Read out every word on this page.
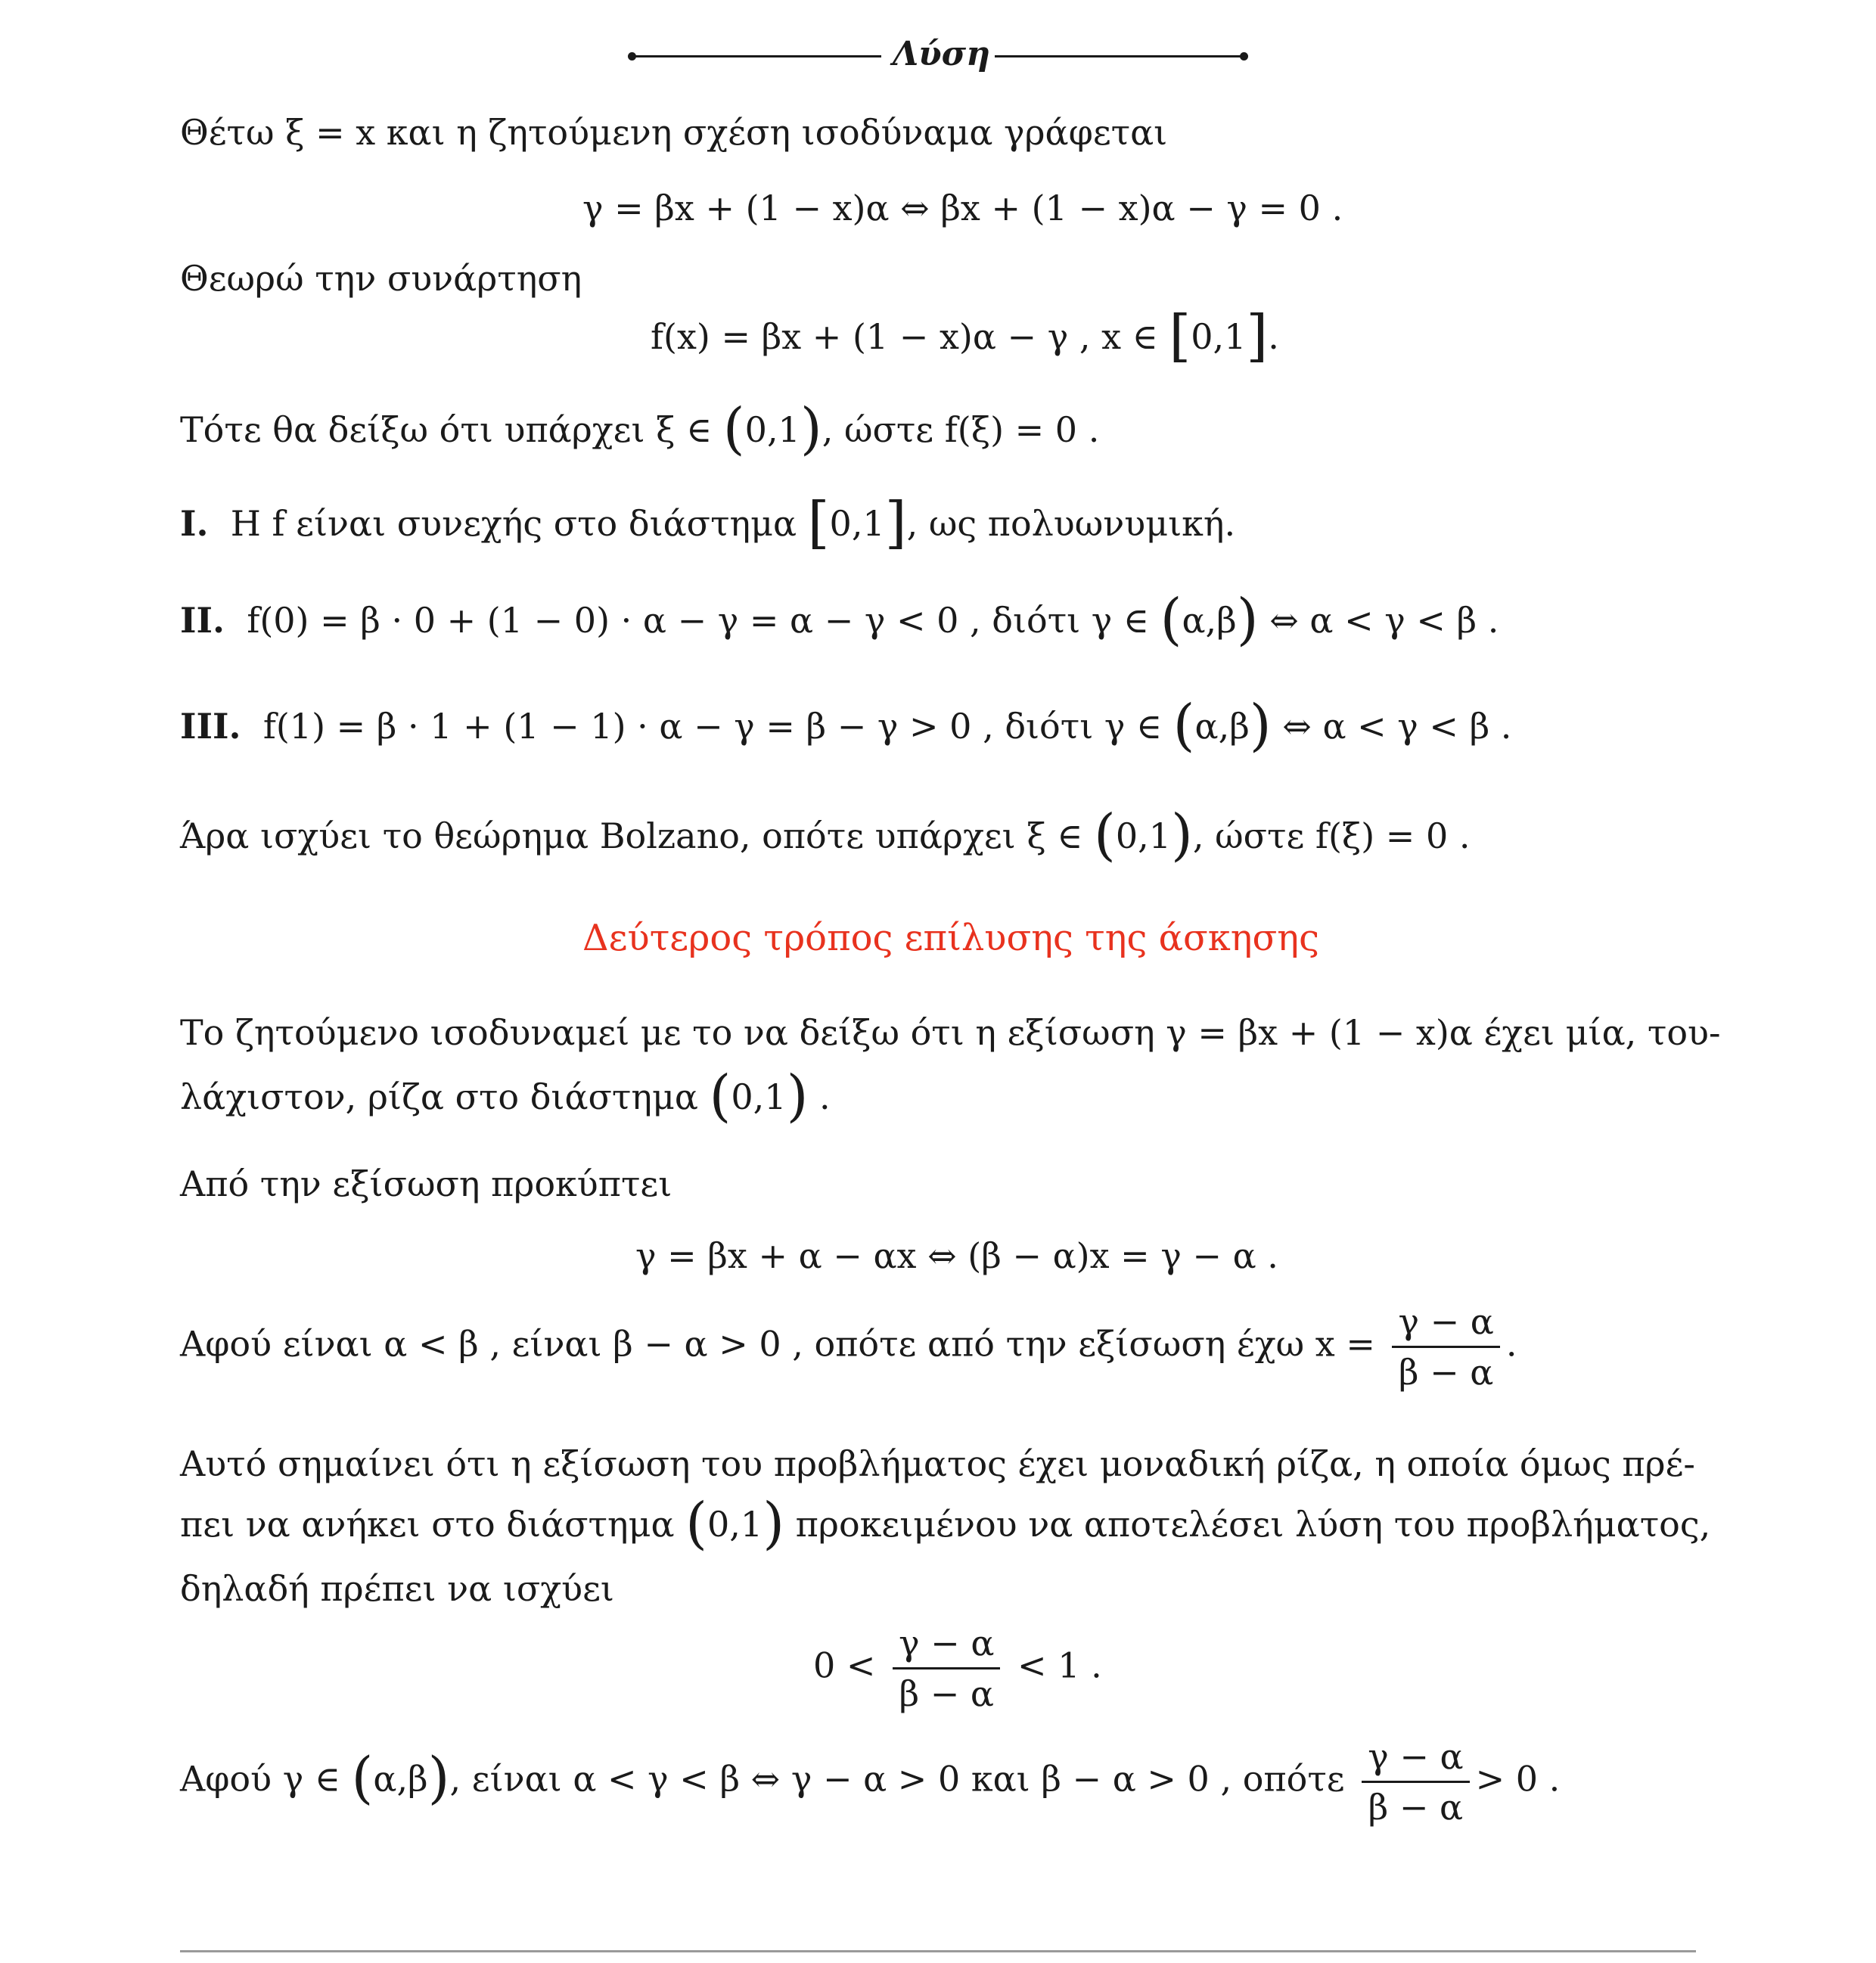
Λύση
Θέτω ξ = x και η ζητούμενη σχέση ισοδύναμα γράφεται
γ = βx + (1 − x)α ⇔ βx + (1 − x)α − γ = 0 .
Θεωρώ την συνάρτηση
f(x) = βx + (1 − x)α − γ , x ∈ [0,1].
Τότε θα δείξω ότι υπάρχει ξ ∈ (0,1), ώστε f(ξ) = 0 .
I. Η f είναι συνεχής στο διάστημα [0,1], ως πολυωνυμική.
II. f(0) = β · 0 + (1 − 0) · α − γ = α − γ < 0 , διότι γ ∈ (α,β) ⇔ α < γ < β .
III. f(1) = β · 1 + (1 − 1) · α − γ = β − γ > 0 , διότι γ ∈ (α,β) ⇔ α < γ < β .
Άρα ισχύει το θεώρημα Bolzano, οπότε υπάρχει ξ ∈ (0,1), ώστε f(ξ) = 0 .
Δεύτερος τρόπος επίλυσης της άσκησης
Το ζητούμενο ισοδυναμεί με το να δείξω ότι η εξίσωση γ = βx + (1 − x)α έχει μία, του-
λάχιστον, ρίζα στο διάστημα (0,1) .
Από την εξίσωση προκύπτει
γ = βx + α − αx ⇔ (β − α)x = γ − α .
Αφού είναι α < β , είναι β − α > 0 , οπότε από την εξίσωση έχω $x = \frac{\gamma - \alpha}{\beta - \alpha}$ .
Αυτό σημαίνει ότι η εξίσωση του προβλήματος έχει μοναδική ρίζα, η οποία όμως πρέ-
πει να ανήκει στο διάστημα (0,1) προκειμένου να αποτελέσει λύση του προβλήματος,
δηλαδή πρέπει να ισχύει
$0 < \frac{\gamma - \alpha}{\beta - \alpha} < 1$ .
Αφού γ ∈ (α,β), είναι α < γ < β ⇔ γ − α > 0 και β − α > 0 , οπότε $\frac{\gamma - \alpha}{\beta - \alpha} > 0$ .
